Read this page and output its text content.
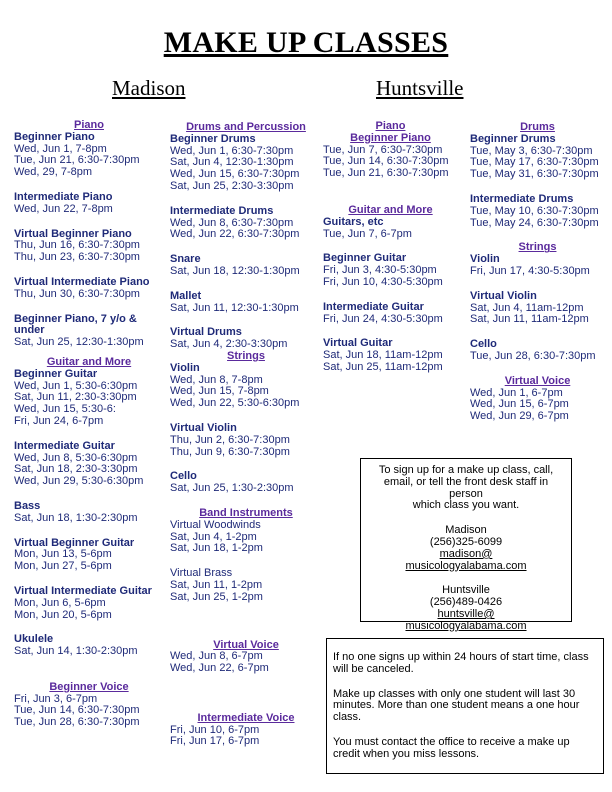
MAKE UP CLASSES
Madison	Huntsville
Piano
Beginner Piano
Wed, Jun 1, 7-8pm
Tue, Jun 21, 6:30-7:30pm
Wed, 29, 7-8pm
Intermediate Piano
Wed, Jun 22, 7-8pm
Virtual Beginner Piano
Thu, Jun 16, 6:30-7:30pm
Thu, Jun 23, 6:30-7:30pm
Virtual Intermediate Piano
Thu, Jun 30, 6:30-7:30pm
Beginner Piano, 7 y/o &
under
Sat, Jun 25, 12:30-1:30pm
Guitar and More
Beginner Guitar
Wed, Jun 1, 5:30-6:30pm
Sat, Jun 11, 2:30-3:30pm
Wed, Jun 15, 5:30-6:
Fri, Jun 24, 6-7pm
Intermediate Guitar
Wed, Jun 8, 5:30-6:30pm
Sat, Jun 18, 2:30-3:30pm
Wed, Jun 29, 5:30-6:30pm
Bass
Sat, Jun 18, 1:30-2:30pm
Virtual Beginner Guitar
Mon, Jun 13, 5-6pm
Mon, Jun 27, 5-6pm
Virtual Intermediate Guitar
Mon, Jun 6, 5-6pm
Mon, Jun 20, 5-6pm
Ukulele
Sat, Jun 14, 1:30-2:30pm
Beginner Voice
Fri, Jun 3, 6-7pm
Tue, Jun 14, 6:30-7:30pm
Tue, Jun 28, 6:30-7:30pm
Drums and Percussion
Beginner Drums
Wed, Jun 1, 6:30-7:30pm
Sat, Jun 4, 12:30-1:30pm
Wed, Jun 15, 6:30-7:30pm
Sat, Jun 25, 2:30-3:30pm
Intermediate Drums
Wed, Jun 8, 6:30-7:30pm
Wed, Jun 22, 6:30-7:30pm
Snare
Sat, Jun 18, 12:30-1:30pm
Mallet
Sat, Jun 11, 12:30-1:30pm
Virtual Drums
Sat, Jun 4, 2:30-3:30pm
Strings
Violin
Wed, Jun 8, 7-8pm
Wed, Jun 15, 7-8pm
Wed, Jun 22, 5:30-6:30pm
Virtual Violin
Thu, Jun 2, 6:30-7:30pm
Thu, Jun 9, 6:30-7:30pm
Cello
Sat, Jun 25, 1:30-2:30pm
Band Instruments
Virtual Woodwinds
Sat, Jun 4, 1-2pm
Sat, Jun 18, 1-2pm
Virtual Brass
Sat, Jun 11, 1-2pm
Sat, Jun 25, 1-2pm
Virtual Voice
Wed, Jun 8, 6-7pm
Wed, Jun 22, 6-7pm
Intermediate Voice
Fri, Jun 10, 6-7pm
Fri, Jun 17, 6-7pm
Piano
Beginner Piano
Tue, Jun 7, 6:30-7:30pm
Tue, Jun 14, 6:30-7:30pm
Tue, Jun 21, 6:30-7:30pm
Guitar and More
Guitars, etc
Tue, Jun 7, 6-7pm
Beginner Guitar
Fri, Jun 3, 4:30-5:30pm
Fri, Jun 10, 4:30-5:30pm
Intermediate Guitar
Fri, Jun 24, 4:30-5:30pm
Virtual Guitar
Sat, Jun 18, 11am-12pm
Sat, Jun 25, 11am-12pm
Drums
Beginner Drums
Tue, May 3, 6:30-7:30pm
Tue, May 17, 6:30-7:30pm
Tue, May 31, 6:30-7:30pm
Intermediate Drums
Tue, May 10, 6:30-7:30pm
Tue, May 24, 6:30-7:30pm
Strings
Violin
Fri, Jun 17, 4:30-5:30pm
Virtual Violin
Sat, Jun 4, 11am-12pm
Sat, Jun 11, 11am-12pm
Cello
Tue, Jun 28, 6:30-7:30pm
Virtual Voice
Wed, Jun 1, 6-7pm
Wed, Jun 15, 6-7pm
Wed, Jun 29, 6-7pm
To sign up for a make up class, call,
email, or tell the front desk staff in person
which class you want.
Madison
(256)325-6099
madison@
musicologyalabama.com
Huntsville
(256)489-0426
huntsville@
musicologyalabama.com
If no one signs up within 24 hours of start time, class will be canceled.
Make up classes with only one student will last 30 minutes. More than one student means a one hour class.
You must contact the office to receive a make up credit when you miss lessons.
